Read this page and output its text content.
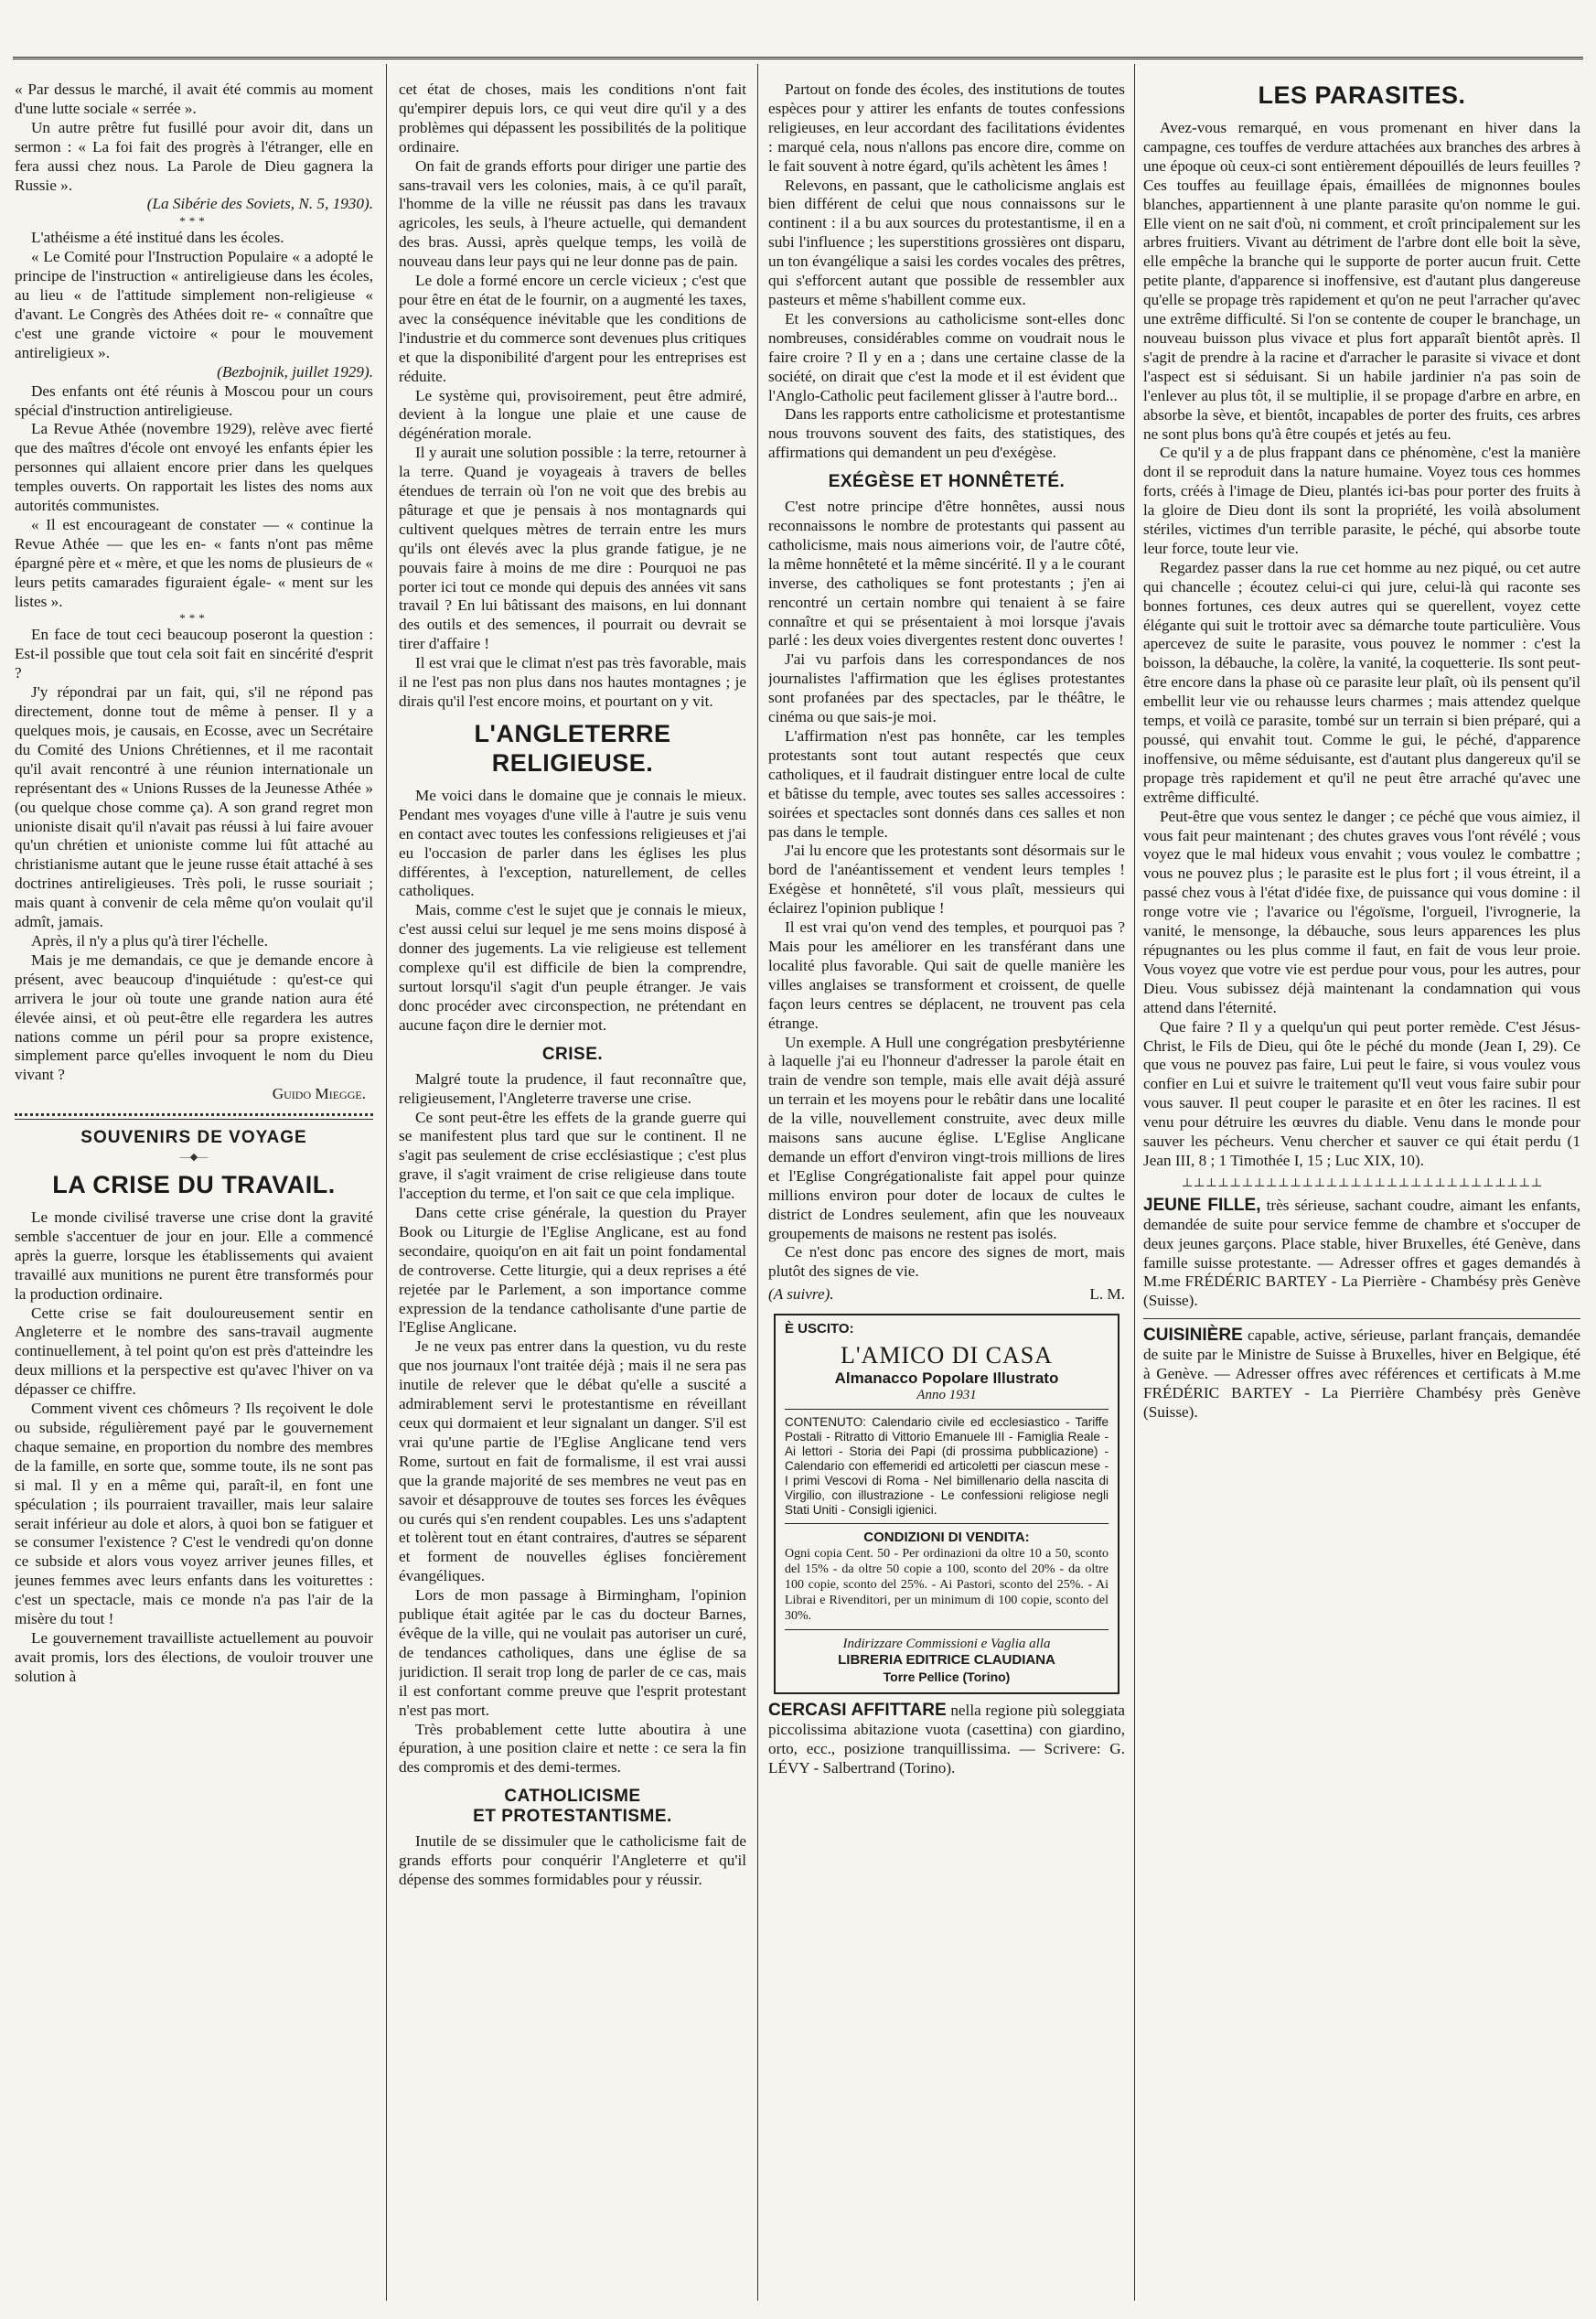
« Par dessus le marché, il avait été commis au moment d'une lutte sociale « serrée ».

Un autre prêtre fut fusillé pour avoir dit, dans un sermon : « La foi fait des progrès à l'étranger, elle en fera aussi chez nous. La Parole de Dieu gagnera la Russie ».

(La Sibérie des Soviets, N. 5, 1930).

***

L'athéisme a été institué dans les écoles.

« Le Comité pour l'Instruction Populaire « a adopté le principe de l'instruction « antireligieuse dans les écoles, au lieu « de l'attitude simplement non-religieuse « d'avant. Le Congrès des Athées doit re- « connaître que c'est une grande victoire « pour le mouvement antireligieux ».

(Bezbojnik, juillet 1929).

Des enfants ont été réunis à Moscou pour un cours spécial d'instruction antireligieuse.

La Revue Athée (novembre 1929), relève avec fierté que des maîtres d'école ont envoyé les enfants épier les personnes qui allaient encore prier dans les quelques temples ouverts. On rapportait les listes des noms aux autorités communistes.

« Il est encourageant de constater — « continue la Revue Athée — que les en- « fants n'ont pas même épargné père et « mère, et que les noms de plusieurs de « leurs petits camarades figuraient égale- « ment sur les listes ».

***

En face de tout ceci beaucoup poseront la question : Est-il possible que tout cela soit fait en sincérité d'esprit ?

J'y répondrai par un fait, qui, s'il ne répond pas directement, donne tout de même à penser. Il y a quelques mois, je causais, en Ecosse, avec un Secrétaire du Comité des Unions Chrétiennes, et il me racontait qu'il avait rencontré à une réunion internationale un représentant des « Unions Russes de la Jeunesse Athée » (ou quelque chose comme ça). A son grand regret mon unioniste disait qu'il n'avait pas réussi à lui faire avouer qu'un chrétien et unioniste comme lui fût attaché au christianisme autant que le jeune russe était attaché à ses doctrines antireligieuses. Très poli, le russe souriait ; mais quant à convenir de cela même qu'on voulait qu'il admît, jamais.

Après, il n'y a plus qu'à tirer l'échelle.

Mais je me demandais, ce que je demande encore à présent, avec beaucoup d'inquiétude : qu'est-ce qui arrivera le jour où toute une grande nation aura été élevée ainsi, et où peut-être elle regardera les autres nations comme un péril pour sa propre existence, simplement parce qu'elles invoquent le nom du Dieu vivant ?

Guido Miegge.
SOUVENIRS DE VOYAGE
—◆—
LA CRISE DU TRAVAIL.

Le monde civilisé traverse une crise dont la gravité semble s'accentuer de jour en jour. Elle a commencé après la guerre, lorsque les établissements qui avaient travaillé aux munitions ne purent être transformés pour la production ordinaire.

Cette crise se fait douloureusement sentir en Angleterre et le nombre des sans-travail augmente continuellement, à tel point qu'on est près d'atteindre les deux millions et la perspective est qu'avec l'hiver on va dépasser ce chiffre.

Comment vivent ces chômeurs ? Ils reçoivent le dole ou subside, régulièrement payé par le gouvernement chaque semaine, en proportion du nombre des membres de la famille, en sorte que, somme toute, ils ne sont pas si mal. Il y en a même qui, paraît-il, en font une spéculation ; ils pourraient travailler, mais leur salaire serait inférieur au dole et alors, à quoi bon se fatiguer et se consumer l'existence ? C'est le vendredi qu'on donne ce subside et alors vous voyez arriver jeunes filles, et jeunes femmes avec leurs enfants dans les voiturettes : c'est un spectacle, mais ce monde n'a pas l'air de la misère du tout !

Le gouvernement travailliste actuellement au pouvoir avait promis, lors des élections, de vouloir trouver une solution à

cet état de choses, mais les conditions n'ont fait qu'empirer depuis lors, ce qui veut dire qu'il y a des problèmes qui dépassent les possibilités de la politique ordinaire.

On fait de grands efforts pour diriger une partie des sans-travail vers les colonies, mais, à ce qu'il paraît, l'homme de la ville ne réussit pas dans les travaux agricoles, les seuls, à l'heure actuelle, qui demandent des bras. Aussi, après quelque temps, les voilà de nouveau dans leur pays qui ne leur donne pas de pain.

Le dole a formé encore un cercle vicieux ; c'est que pour être en état de le fournir, on a augmenté les taxes, avec la conséquence inévitable que les conditions de l'industrie et du commerce sont devenues plus critiques et que la disponibilité d'argent pour les entreprises est réduite.

Le système qui, provisoirement, peut être admiré, devient à la longue une plaie et une cause de dégénération morale.

Il y aurait une solution possible : la terre, retourner à la terre. Quand je voyageais à travers de belles étendues de terrain où l'on ne voit que des brebis au pâturage et que je pensais à nos montagnards qui cultivent quelques mètres de terrain entre les murs qu'ils ont élevés avec la plus grande fatigue, je ne pouvais faire à moins de me dire : Pourquoi ne pas porter ici tout ce monde qui depuis des années vit sans travail ? En lui bâtissant des maisons, en lui donnant des outils et des semences, il pourrait ou devrait se tirer d'affaire !

Il est vrai que le climat n'est pas très favorable, mais il ne l'est pas non plus dans nos hautes montagnes ; je dirais qu'il l'est encore moins, et pourtant on y vit.

L'ANGLETERRE RELIGIEUSE.

Me voici dans le domaine que je connais le mieux. Pendant mes voyages d'une ville à l'autre je suis venu en contact avec toutes les confessions religieuses et j'ai eu l'occasion de parler dans les églises les plus différentes, à l'exception, naturellement, de celles catholiques.

Mais, comme c'est le sujet que je connais le mieux, c'est aussi celui sur lequel je me sens moins disposé à donner des jugements. La vie religieuse est tellement complexe qu'il est difficile de bien la comprendre, surtout lorsqu'il s'agit d'un peuple étranger. Je vais donc procéder avec circonspection, ne prétendant en aucune façon dire le dernier mot.

CRISE.

Malgré toute la prudence, il faut reconnaître que, religieusement, l'Angleterre traverse une crise.

Ce sont peut-être les effets de la grande guerre qui se manifestent plus tard que sur le continent. Il ne s'agit pas seulement de crise ecclésiastique ; c'est plus grave, il s'agit vraiment de crise religieuse dans toute l'acception du terme, et l'on sait ce que cela implique.

Dans cette crise générale, la question du Prayer Book ou Liturgie de l'Eglise Anglicane, est au fond secondaire, quoiqu'on en ait fait un point fondamental de controverse. Cette liturgie, qui a deux reprises a été rejetée par le Parlement, a son importance comme expression de la tendance catholisante d'une partie de l'Eglise Anglicane.

Je ne veux pas entrer dans la question, vu du reste que nos journaux l'ont traitée déjà ; mais il ne sera pas inutile de relever que le débat qu'elle a suscité a admirablement servi le protestantisme en réveillant ceux qui dormaient et leur signalant un danger. S'il est vrai qu'une partie de l'Eglise Anglicane tend vers Rome, surtout en fait de formalisme, il est vrai aussi que la grande majorité de ses membres ne veut pas en savoir et désapprouve de toutes ses forces les évêques ou curés qui s'en rendent coupables. Les uns s'adaptent et tolèrent tout en étant contraires, d'autres se séparent et forment de nouvelles églises foncièrement évangéliques.

Lors de mon passage à Birmingham, l'opinion publique était agitée par le cas du docteur Barnes, évêque de la ville, qui ne voulait pas autoriser un curé, de tendances catholiques, dans une église de sa juridiction. Il serait trop long de parler de ce cas, mais il est confortant comme preuve que l'esprit protestant n'est pas mort.

Très probablement cette lutte aboutira à une épuration, à une position claire et nette : ce sera la fin des compromis et des demi-termes.

CATHOLICISME
ET PROTESTANTISME.

Inutile de se dissimuler que le catholicisme fait de grands efforts pour conquérir l'Angleterre et qu'il dépense des sommes formidables pour y réussir.

Partout on fonde des écoles, des institutions de toutes espèces pour y attirer les enfants de toutes confessions religieuses, en leur accordant des facilitations évidentes : marqué cela, nous n'allons pas encore dire, comme on le fait souvent à notre égard, qu'ils achètent les âmes !

Relevons, en passant, que le catholicisme anglais est bien différent de celui que nous connaissons sur le continent : il a bu aux sources du protestantisme, il en a subi l'influence ; les superstitions grossières ont disparu, un ton évangélique a saisi les cordes vocales des prêtres, qui s'efforcent autant que possible de ressembler aux pasteurs et même s'habillent comme eux.

Et les conversions au catholicisme sont-elles donc nombreuses, considérables comme on voudrait nous le faire croire ? Il y en a ; dans une certaine classe de la société, on dirait que c'est la mode et il est évident que l'Anglo-Catholic peut facilement glisser à l'autre bord...

Dans les rapports entre catholicisme et protestantisme nous trouvons souvent des faits, des statistiques, des affirmations qui demandent un peu d'exégèse.

EXÉGÈSE ET HONNÊTETÉ.

C'est notre principe d'être honnêtes, aussi nous reconnaissons le nombre de protestants qui passent au catholicisme, mais nous aimerions voir, de l'autre côté, la même honnêteté et la même sincérité. Il y a le courant inverse, des catholiques se font protestants ; j'en ai rencontré un certain nombre qui tenaient à se faire connaître et qui se présentaient à moi lorsque j'avais parlé : les deux voies divergentes restent donc ouvertes !

J'ai vu parfois dans les correspondances de nos journalistes l'affirmation que les églises protestantes sont profanées par des spectacles, par le théâtre, le cinéma ou que sais-je moi.

L'affirmation n'est pas honnête, car les temples protestants sont tout autant respectés que ceux catholiques, et il faudrait distinguer entre local de culte et bâtisse du temple, avec toutes ses salles accessoires : soirées et spectacles sont donnés dans ces salles et non pas dans le temple.

J'ai lu encore que les protestants sont désormais sur le bord de l'anéantissement et vendent leurs temples ! Exégèse et honnêteté, s'il vous plaît, messieurs qui éclairez l'opinion publique !

Il est vrai qu'on vend des temples, et pourquoi pas ? Mais pour les améliorer en les transférant dans une localité plus favorable. Qui sait de quelle manière les villes anglaises se transforment et croissent, de quelle façon leurs centres se déplacent, ne trouvent pas cela étrange.

Un exemple. A Hull une congrégation presbytérienne à laquelle j'ai eu l'honneur d'adresser la parole était en train de vendre son temple, mais elle avait déjà assuré un terrain et les moyens pour le rebâtir dans une localité de la ville, nouvellement construite, avec deux mille maisons sans aucune église. L'Eglise Anglicane demande un effort d'environ vingt-trois millions de lires et l'Eglise Congrégationaliste fait appel pour quinze millions environ pour doter de locaux de cultes le district de Londres seulement, afin que les nouveaux groupements de maisons ne restent pas isolés.

Ce n'est donc pas encore des signes de mort, mais plutôt des signes de vie.

(A suivre).	L. M.
È USCITO:
L'AMICO DI CASA
Almanacco Popolare Illustrato
Anno 1931
CONTENUTO: Calendario civile ed ecclesiastico - Tariffe Postali - Ritratto di Vittorio Emanuele III - Famiglia Reale - Ai lettori - Storia dei Papi (di prossima pubblicazione) - Calendario con effemeridi ed articoletti per ciascun mese - I primi Vescovi di Roma - Nel bimillenario della nascita di Virgilio, con illustrazione - Le confessioni religiose negli Stati Uniti - Consigli igienici.
CONDIZIONI DI VENDITA:
Ogni copia Cent. 50 - Per ordinazioni da oltre 10 a 50, sconto del 15% - da oltre 50 copie a 100, sconto del 20% - da oltre 100 copie, sconto del 25%. - Ai Pastori, sconto del 25%. - Ai Librai e Rivenditori, per un minimum di 100 copie, sconto del 30%.
Indirizzare Commissioni e Vaglia alla
LIBRERIA EDITRICE CLAUDIANA
Torre Pellice (Torino)
CERCASI AFFITTARE nella regione più soleggiata piccolissima abitazione vuota (casettina) con giardino, orto, ecc., posizione tranquillissima. — Scrivere: G. LÉVY - Salbertrand (Torino).
LES PARASITES.

Avez-vous remarqué, en vous promenant en hiver dans la campagne, ces touffes de verdure attachées aux branches des arbres à une époque où ceux-ci sont entièrement dépouillés de leurs feuilles ? Ces touffes au feuillage épais, émaillées de mignonnes boules blanches, appartiennent à une plante parasite qu'on nomme le gui. Elle vient on ne sait d'où, ni comment, et croît principalement sur les arbres fruitiers. Vivant au détriment de l'arbre dont elle boit la sève, elle empêche la branche qui le supporte de porter aucun fruit. Cette petite plante, d'apparence si inoffensive, est d'autant plus dangereuse qu'elle se propage très rapidement et qu'on ne peut l'arracher qu'avec une extrême difficulté. Si l'on se contente de couper le branchage, un nouveau buisson plus vivace et plus fort apparaît bientôt après. Il s'agit de prendre à la racine et d'arracher le parasite si vivace et dont l'aspect est si séduisant. Si un habile jardinier n'a pas soin de l'enlever au plus tôt, il se multiplie, il se propage d'arbre en arbre, en absorbe la sève, et bientôt, incapables de porter des fruits, ces arbres ne sont plus bons qu'à être coupés et jetés au feu.

Ce qu'il y a de plus frappant dans ce phénomène, c'est la manière dont il se reproduit dans la nature humaine. Voyez tous ces hommes forts, créés à l'image de Dieu, plantés ici-bas pour porter des fruits à la gloire de Dieu dont ils sont la propriété, les voilà absolument stériles, victimes d'un terrible parasite, le péché, qui absorbe toute leur force, toute leur vie.

Regardez passer dans la rue cet homme au nez piqué, ou cet autre qui chancelle ; écoutez celui-ci qui jure, celui-là qui raconte ses bonnes fortunes, ces deux autres qui se querellent, voyez cette élégante qui suit le trottoir avec sa démarche toute particulière. Vous apercevez de suite le parasite, vous pouvez le nommer : c'est la boisson, la débauche, la colère, la vanité, la coquetterie. Ils sont peut-être encore dans la phase où ce parasite leur plaît, où ils pensent qu'il embellit leur vie ou rehausse leurs charmes ; mais attendez quelque temps, et voilà ce parasite, tombé sur un terrain si bien préparé, qui a poussé, qui envahit tout. Comme le gui, le péché, d'apparence inoffensive, ou même séduisante, est d'autant plus dangereux qu'il se propage très rapidement et qu'il ne peut être arraché qu'avec une extrême difficulté.

Peut-être que vous sentez le danger ; ce péché que vous aimiez, il vous fait peur maintenant ; des chutes graves vous l'ont révélé ; vous voyez que le mal hideux vous envahit ; vous voulez le combattre ; vous ne pouvez plus ; le parasite est le plus fort ; il vous étreint, il a passé chez vous à l'état d'idée fixe, de puissance qui vous domine : il ronge votre vie ; l'avarice ou l'égoïsme, l'orgueil, l'ivrognerie, la vanité, le mensonge, la débauche, sous leurs apparences les plus répugnantes ou les plus comme il faut, en fait de vous leur proie. Vous voyez que votre vie est perdue pour vous, pour les autres, pour Dieu. Vous subissez déjà maintenant la condamnation qui vous attend dans l'éternité.

Que faire ? Il y a quelqu'un qui peut porter remède. C'est Jésus-Christ, le Fils de Dieu, qui ôte le péché du monde (Jean I, 29). Ce que vous ne pouvez pas faire, Lui peut le faire, si vous voulez vous confier en Lui et suivre le traitement qu'Il veut vous faire subir pour vous sauver. Il peut couper le parasite et en ôter les racines. Il est venu pour détruire les œuvres du diable. Venu dans le monde pour sauver les pécheurs. Venu chercher et sauver ce qui était perdu (1 Jean III, 8 ; 1 Timothée I, 15 ; Luc XIX, 10).

⊥⊥⊥⊥⊥⊥⊥⊥⊥⊥⊥⊥⊥⊥⊥⊥⊥⊥⊥⊥⊥⊥⊥⊥⊥⊥⊥⊥⊥⊥
JEUNE FILLE, très sérieuse, sachant coudre, aimant les enfants, demandée de suite pour service femme de chambre et s'occuper de deux jeunes garçons. Place stable, hiver Bruxelles, été Genève, dans famille suisse protestante. — Adresser offres et gages demandés à M.me FRÉDÉRIC BARTEY - La Pierrière - Chambésy près Genève (Suisse).
CUISINIÈRE capable, active, sérieuse, parlant français, demandée de suite par le Ministre de Suisse à Bruxelles, hiver en Belgique, été à Genève. — Adresser offres avec références et certificats à M.me FRÉDÉRIC BARTEY - La Pierrière Chambésy près Genève (Suisse).
